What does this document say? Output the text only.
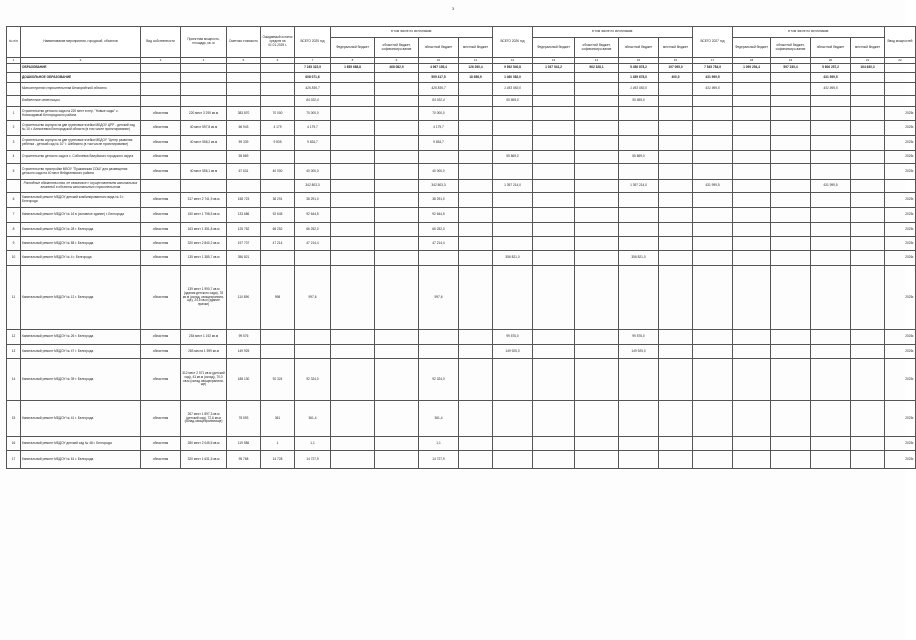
3
№ п/п	Наименование мероприятия, городской, объектов	Вид собственности	Проектная мощность, площадь, кв. м	Сметная стоимость	Ожидаемый остаток средств на 01.01.2025 г.	ВСЕГО 2025 год	в том числе по источникам:				ВСЕГО 2026 год	в том числе по источникам:				ВСЕГО 2027 год	в том числе по источникам:				Ввод мощностей
							Федеральный бюджет	областной бюджет, софинансиро-вание	областной бюджет	местный бюджет		Федеральный бюджет	областной бюджет, софинансиро-вание	областной бюджет	местный бюджет		Федеральный бюджет	областной бюджет, софинансиро-вание	областной бюджет	местный бюджет	
1	2	3	4	5	6	7	8	9	10	11	12	13	14	15	16	17	18	19	20	21	22
	ОБРАЗОВАНИЕ					7 245 322,9	1 655 688,8	468 082,9	4 967 155,4	126 290,4	9 592 540,8	1 037 541,2	962 328,1	5 456 878,2	197 095,0	7 545 784,9	1 099 254,4	597 239,4	5 606 257,2	164 630,3	
	ДОШКОЛЬНОЕ ОБРАЗОВАНИЕ					608 071,6			599 417,5	18 658,9	1 460 082,0			1 459 678,0	400,0	431 999,5			431 999,5		
	Министерство строительства Белгородской области					426 836,7			426 836,7		1 453 083,0			1 453 083,0		431 999,5			431 999,5		
	Бюджетные инвестиции					84 032,4			84 032,4		55 869,0			55 869,0							
1	Строительство детского сада на 220 мест в пер. "Новые сады" с. Новосадовый Белгородского района	областная	220 мест 3 290 кв.м	383 870	70 000	70 000,0			70 000,0												2025г.
2	Строительство корпуса на две групповые ячейки МБДОУ ЦРР - детский сад № 10 г. Алексеевки Белгородской области (в том числе проектирование)	областная	40 мест 597,8 кв.м	66 943	4 179	4 179,7			4 179,7												2025г.
3	Строительство корпуса на две групповые ячейки МБДОУ "Центр развития ребенка - детский сад № 10" г. Шебекино (в том числе проектирование)	областная	40 мест 558,2 кв.м	59 339	9 835	9 834,7			9 834,7												2025г.
4	Строительство детского сада в с. Соболевка Валуйского городского округа	областная		55 869							55 869,0			55 869,0							2026г.
5	Строительство пристройки МБОУ "Пушкинская СОШ" для размещения детского сада на 40 мест Вейделевского района	областная	40 мест 556,1 кв.м	67 631	40 000	40 000,0			40 000,0												2025г.
	Расходные обязательства, не связанные с осуществлением капитальных вложений в объекты капитального строительства					342 803,3			342 803,3		1 397 214,0			1 397 214,0		431 999,5			431 999,5		
6	Капитальный ремонт МБДОУ детский комбинированного вида № 3 г. Белгорода	областная	317 мест 2 741,9 кв.м	158 723	38 291	38 291,0			38 291,0												2025г.
7	Капитальный ремонт МБДОУ № 16 в (основное здание) г. Белгорода	областная	150 мест 1 798,5 кв.м	133 686	92 645	92 644,5			92 644,5												2025г.
8	Капитальный ремонт МБДОУ № 28 г. Белгорода	областная	163 мест 1 351,8 кв.м	125 752	66 252	66 252,0			66 252,0												2025г.
9	Капитальный ремонт МБДОУ № 85 г. Белгорода	областная	320 мест 2 840,2 кв.м	197 737	47 214	47 214,4			47 214,4												2025г.
10	Капитальный ремонт МБДОУ № 4 г. Белгорода	областная	135 мест 1 385,7 кв.м	356 821							356 821,0			356 821,0							2026г.
11	Капитальный ремонт МБДОУ № 12 г. Белгорода	областная	139 мест 1 990,7 кв.м (здания детского сада), 78 кв.м (склад, овощехранили-ще), 24,5 кв.м (здание прачки)	110 890	998	997,6			997,6												2025г.
12	Капитальный ремонт МБДОУ № 26 г. Белгорода	областная	254 мест 1 192 кв.м	99 576							99 576,0			99 576,0							2026г.
13	Капитальный ремонт МБДОУ № 47 г. Белгорода	областная	283 места 1 599 кв.м	149 925							149 925,0			149 925,0							2026г.
14	Капитальный ремонт МБДОУ № 39 г. Белгорода	областная	312 мест 2 571 кв.м (детский сад), 43 кв.м (склад), 70,0 кв.м (склад овощехранили-ще)	188 130	92 324	92 324,0			92 324,0												2025г.
15	Капитальный ремонт МБДОУ № 41 г. Белгорода	областная	267 мест 1 897,3 кв.м (детский сад), 72,6 кв.м (склад-овощехранилище)	78 593	361	361,4			361,4												2025г.
16	Капитальный ремонт МБДОУ детский сад № 48 г. Белгорода	областная	280 мест 2 045,5 кв.м	119 986	1	1,1			1,1												2025г.
17	Капитальный ремонт МБДОУ № 61 г. Белгорода	областная	320 мест 1 631,5 кв.м	95 768	14 728	14 727,9			14 727,9												2025г.
